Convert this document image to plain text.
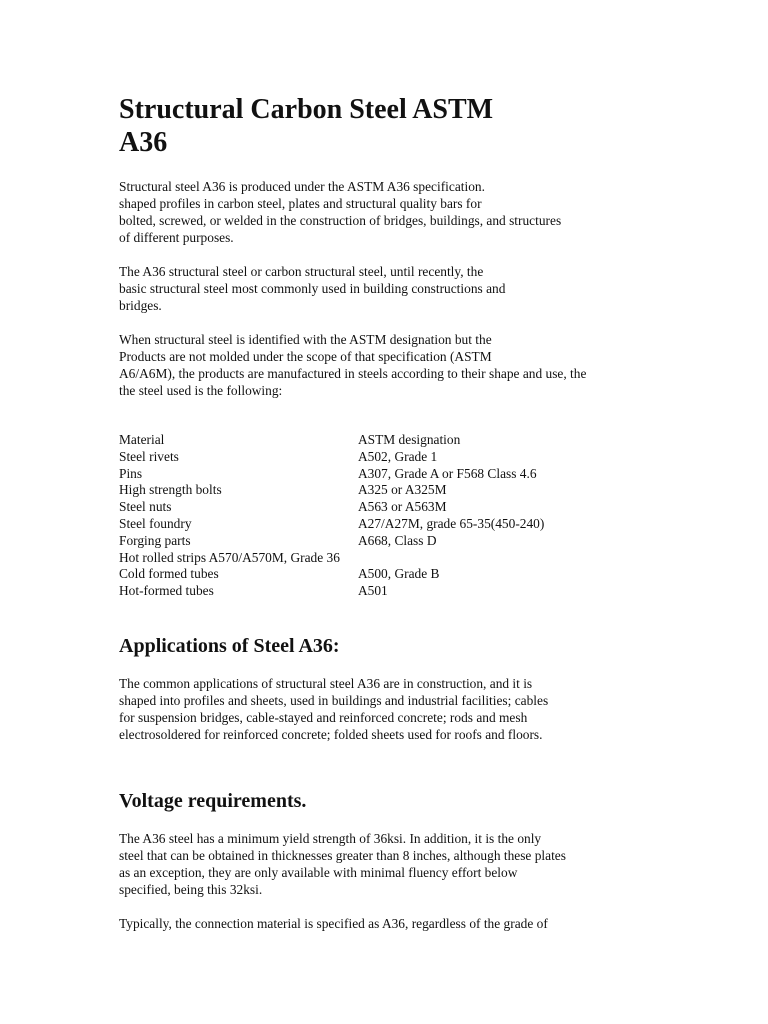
Structural Carbon Steel ASTM
A36
Structural steel A36 is produced under the ASTM A36 specification.
shaped profiles in carbon steel, plates and structural quality bars for
bolted, screwed, or welded in the construction of bridges, buildings, and structures
of different purposes.
The A36 structural steel or carbon structural steel, until recently, the
basic structural steel most commonly used in building constructions and
bridges.
When structural steel is identified with the ASTM designation but the
Products are not molded under the scope of that specification (ASTM
A6/A6M), the products are manufactured in steels according to their shape and use, the
the steel used is the following:
Material	ASTM designation
Steel rivets	A502, Grade 1
Pins	A307, Grade A or F568 Class 4.6
High strength bolts	A325 or A325M
Steel nuts	A563 or A563M
Steel foundry	A27/A27M, grade 65-35(450-240)
Forging parts	A668, Class D
Hot rolled strips A570/A570M, Grade 36
Cold formed tubes	A500, Grade B
Hot-formed tubes	A501
Applications of Steel A36:
The common applications of structural steel A36 are in construction, and it is
shaped into profiles and sheets, used in buildings and industrial facilities; cables
for suspension bridges, cable-stayed and reinforced concrete; rods and mesh
electrosoldered for reinforced concrete; folded sheets used for roofs and floors.
Voltage requirements.
The A36 steel has a minimum yield strength of 36ksi. In addition, it is the only
steel that can be obtained in thicknesses greater than 8 inches, although these plates
as an exception, they are only available with minimal fluency effort below
specified, being this 32ksi.
Typically, the connection material is specified as A36, regardless of the grade of
